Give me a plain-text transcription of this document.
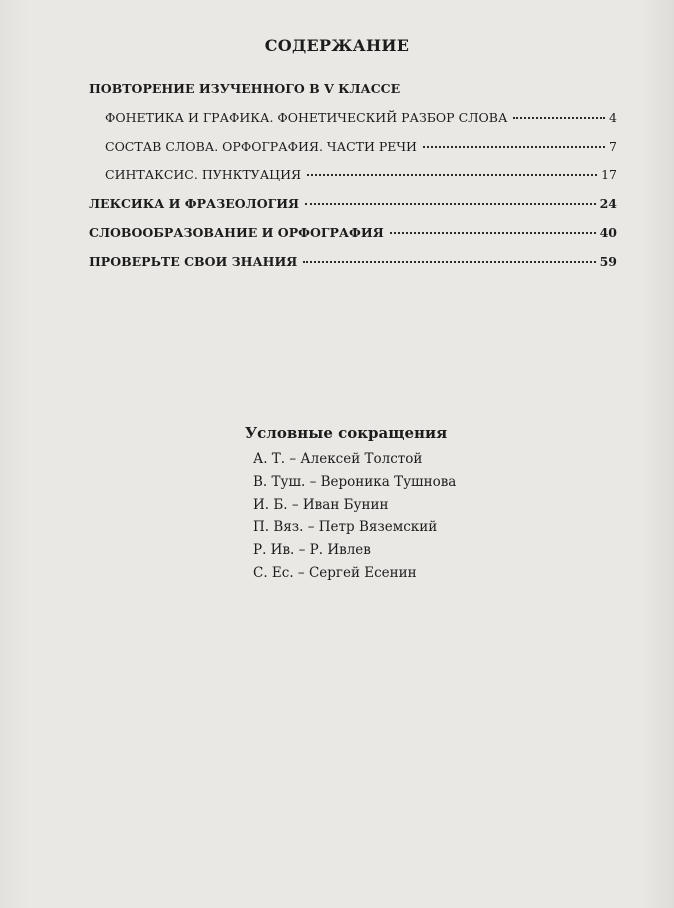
СОДЕРЖАНИЕ
ПОВТОРЕНИЕ ИЗУЧЕННОГО В V КЛАССЕ
ФОНЕТИКА И ГРАФИКА. ФОНЕТИЧЕСКИЙ РАЗБОР СЛОВА	4
СОСТАВ СЛОВА. ОРФОГРАФИЯ. ЧАСТИ РЕЧИ	7
СИНТАКСИС. ПУНКТУАЦИЯ	17
ЛЕКСИКА И ФРАЗЕОЛОГИЯ	24
СЛОВООБРАЗОВАНИЕ И ОРФОГРАФИЯ	40
ПРОВЕРЬТЕ СВОИ ЗНАНИЯ	59
Условные сокращения
А. Т. – Алексей Толстой
В. Туш. – Вероника Тушнова
И. Б. – Иван Бунин
П. Вяз. – Петр Вяземский
Р. Ив. – Р. Ивлев
С. Ес. – Сергей Есенин
